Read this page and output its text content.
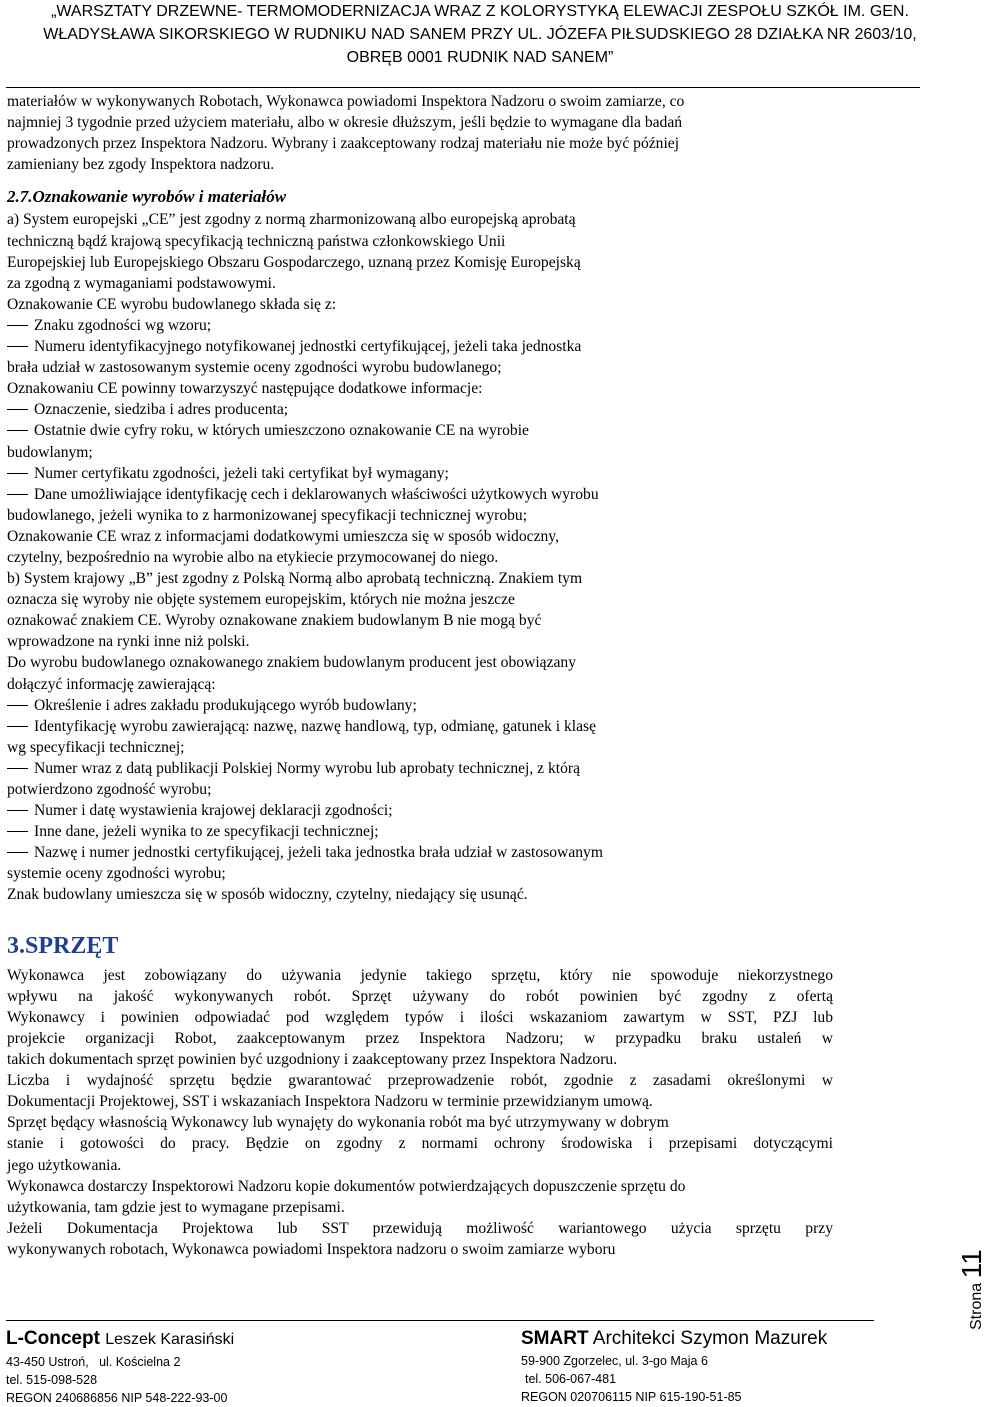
„WARSZTATY DRZEWNE- TERMOMODERNIZACJA WRAZ Z KOLORYSTYKĄ ELEWACJI ZESPOŁU SZKÓŁ IM. GEN.
WŁADYSŁAWA SIKORSKIEGO W RUDNIKU NAD SANEM PRZY UL. JÓZEFA PIŁSUDSKIEGO 28 DZIAŁKA NR 2603/10,
OBRĘB 0001 RUDNIK NAD SANEM”

materiałów w wykonywanych Robotach, Wykonawca powiadomi Inspektora Nadzoru o swoim zamiarze, co

najmniej 3 tygodnie przed użyciem materiału, albo w okresie dłuższym, jeśli będzie to wymagane dla badań

prowadzonych przez Inspektora Nadzoru. Wybrany i zaakceptowany rodzaj materiału nie może być później

zamieniany bez zgody Inspektora nadzoru.

2.7.Oznakowanie wyrobów i materiałów

a) System europejski „CE” jest zgodny z normą zharmonizowaną albo europejską aprobatą

techniczną bądź krajową specyfikacją techniczną państwa członkowskiego Unii

Europejskiej lub Europejskiego Obszaru Gospodarczego, uznaną przez Komisję Europejską

za zgodną z wymaganiami podstawowymi.

Oznakowanie CE wyrobu budowlanego składa się z:

Znaku zgodności wg wzoru;

Numeru identyfikacyjnego notyfikowanej jednostki certyfikującej, jeżeli taka jednostka

brała udział w zastosowanym systemie oceny zgodności wyrobu budowlanego;

Oznakowaniu CE powinny towarzyszyć następujące dodatkowe informacje:

Oznaczenie, siedziba i adres producenta;

Ostatnie dwie cyfry roku, w których umieszczono oznakowanie CE na wyrobie

budowlanym;

Numer certyfikatu zgodności, jeżeli taki certyfikat był wymagany;

Dane umożliwiające identyfikację cech i deklarowanych właściwości użytkowych wyrobu

budowlanego, jeżeli wynika to z harmonizowanej specyfikacji technicznej wyrobu;

Oznakowanie CE wraz z informacjami dodatkowymi umieszcza się w sposób widoczny,

czytelny, bezpośrednio na wyrobie albo na etykiecie przymocowanej do niego.

b) System krajowy „B” jest zgodny z Polską Normą albo aprobatą techniczną. Znakiem tym

oznacza się wyroby nie objęte systemem europejskim, których nie można jeszcze

oznakować znakiem CE. Wyroby oznakowane znakiem budowlanym B nie mogą być

wprowadzone na rynki inne niż polski.

Do wyrobu budowlanego oznakowanego znakiem budowlanym producent jest obowiązany

dołączyć informację zawierającą:

Określenie i adres zakładu produkującego wyrób budowlany;

Identyfikację wyrobu zawierającą: nazwę, nazwę handlową, typ, odmianę, gatunek i klasę

wg specyfikacji technicznej;

Numer wraz z datą publikacji Polskiej Normy wyrobu lub aprobaty technicznej, z którą

potwierdzono zgodność wyrobu;

Numer i datę wystawienia krajowej deklaracji zgodności;

Inne dane, jeżeli wynika to ze specyfikacji technicznej;

Nazwę i numer jednostki certyfikującej, jeżeli taka jednostka brała udział w zastosowanym

systemie oceny zgodności wyrobu;

Znak budowlany umieszcza się w sposób widoczny, czytelny, niedający się usunąć.

3.SPRZĘT

Wykonawca jest zobowiązany do używania jedynie takiego sprzętu, który nie spowoduje niekorzystnego

wpływu na jakość wykonywanych robót. Sprzęt używany do robót powinien być zgodny z ofertą

Wykonawcy i powinien odpowiadać pod względem typów i ilości wskazaniom zawartym w SST, PZJ lub

projekcie organizacji Robot, zaakceptowanym przez Inspektora Nadzoru; w przypadku braku ustaleń w

takich dokumentach sprzęt powinien być uzgodniony i zaakceptowany przez Inspektora Nadzoru.

Liczba i wydajność sprzętu będzie gwarantować przeprowadzenie robót, zgodnie z zasadami określonymi w

Dokumentacji Projektowej, SST i wskazaniach Inspektora Nadzoru w terminie przewidzianym umową.

Sprzęt będący własnością Wykonawcy lub wynajęty do wykonania robót ma być utrzymywany w dobrym

stanie i gotowości do pracy. Będzie on zgodny z normami ochrony środowiska i przepisami dotyczącymi

jego użytkowania.

Wykonawca dostarczy Inspektorowi Nadzoru kopie dokumentów potwierdzających dopuszczenie sprzętu do

użytkowania, tam gdzie jest to wymagane przepisami.

Jeżeli Dokumentacja Projektowa lub SST przewidują możliwość wariantowego użycia sprzętu przy

wykonywanych robotach, Wykonawca powiadomi Inspektora nadzoru o swoim zamiarze wyboru

L-Concept Leszek Karasiński
43-450 Ustroń,   ul. Kościelna 2
tel. 515-098-528
REGON 240686856 NIP 548-222-93-00
SMART Architekci Szymon Mazurek
59-900 Zgorzelec, ul. 3-go Maja 6
tel. 506-067-481
REGON 020706115 NIP 615-190-51-85
Strona 11
